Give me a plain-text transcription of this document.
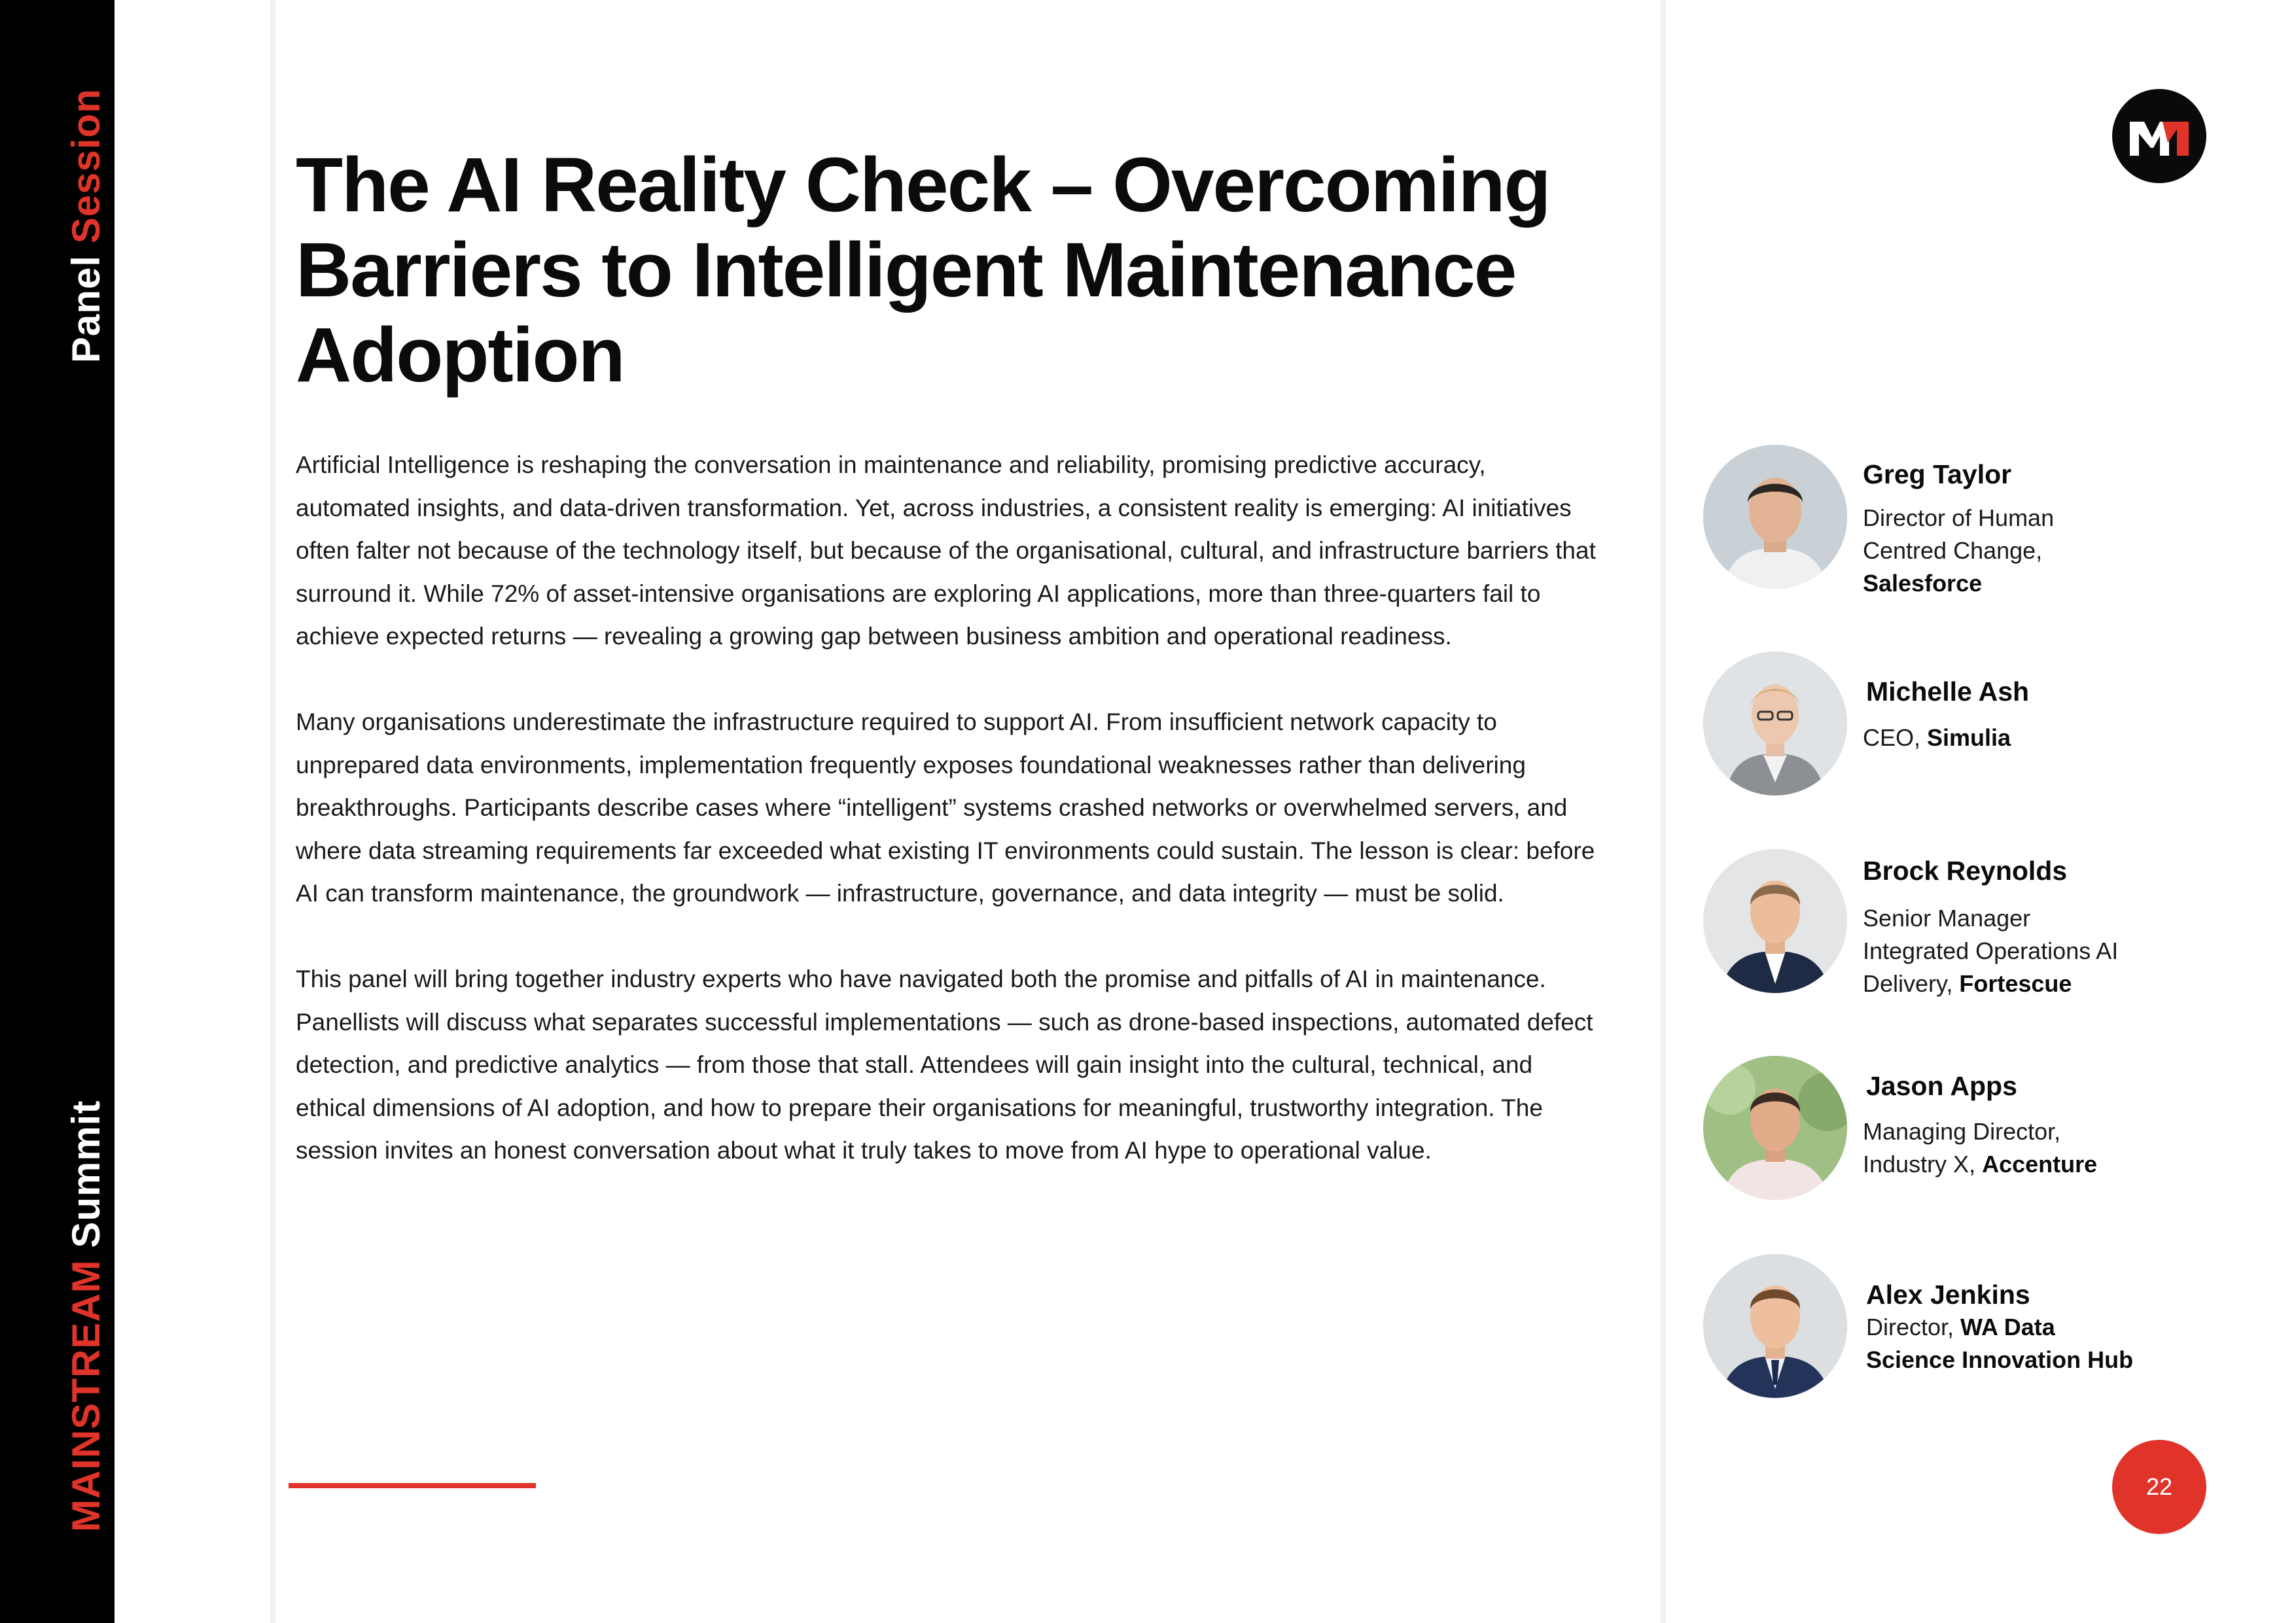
Panel Session
MAINSTREAM Summit
The AI Reality Check – Overcoming Barriers to Intelligent Maintenance Adoption

Artificial Intelligence is reshaping the conversation in maintenance and reliability, promising predictive accuracy, automated insights, and data-driven transformation. Yet, across industries, a consistent reality is emerging: AI initiatives often falter not because of the technology itself, but because of the organisational, cultural, and infrastructure barriers that surround it. While 72% of asset-intensive organisations are exploring AI applications, more than three-quarters fail to achieve expected returns — revealing a growing gap between business ambition and operational readiness.

Many organisations underestimate the infrastructure required to support AI. From insufficient network capacity to unprepared data environments, implementation frequently exposes foundational weaknesses rather than delivering breakthroughs. Participants describe cases where “intelligent” systems crashed networks or overwhelmed servers, and where data streaming requirements far exceeded what existing IT environments could sustain. The lesson is clear: before AI can transform maintenance, the groundwork — infrastructure, governance, and data integrity — must be solid.

This panel will bring together industry experts who have navigated both the promise and pitfalls of AI in maintenance. Panellists will discuss what separates successful implementations — such as drone-based inspections, automated defect detection, and predictive analytics — from those that stall. Attendees will gain insight into the cultural, technical, and ethical dimensions of AI adoption, and how to prepare their organisations for meaningful, trustworthy integration. The session invites an honest conversation about what it truly takes to move from AI hype to operational value.

Greg Taylor
Director of Human
Centred Change,
Salesforce
Michelle Ash
CEO, Simulia
Brock Reynolds
Senior Manager
Integrated Operations AI
Delivery, Fortescue
Jason Apps
Managing Director,
Industry X, Accenture
Alex Jenkins
Director, WA Data
Science Innovation Hub
22
